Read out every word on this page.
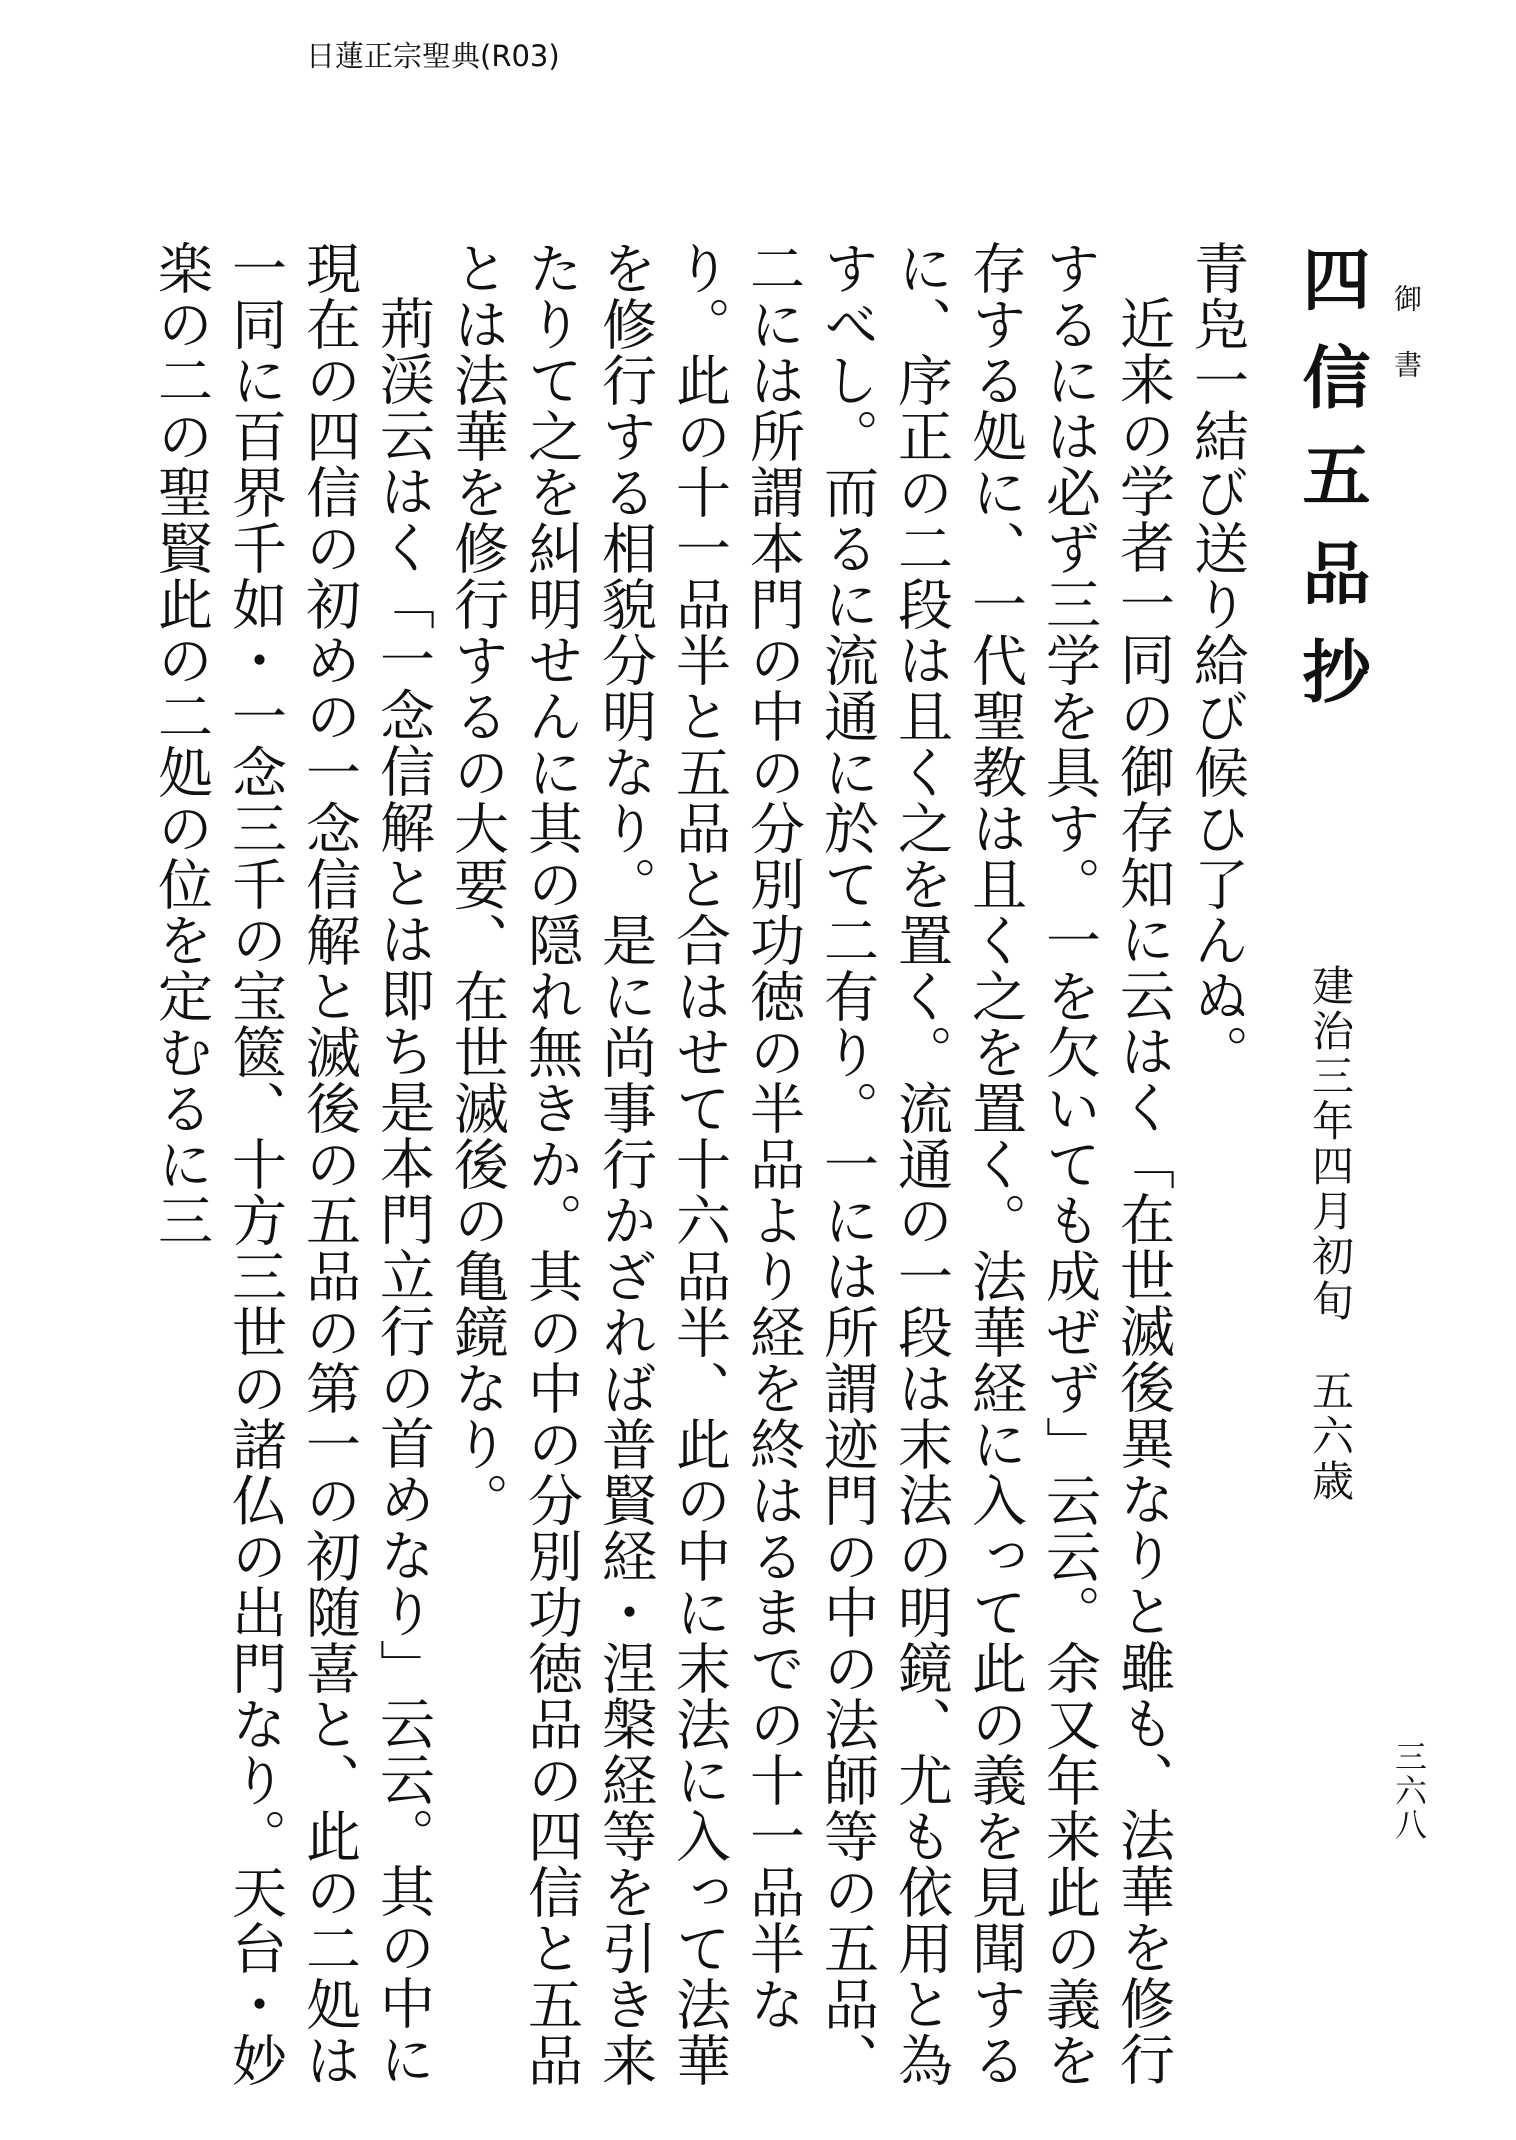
日蓮正宗聖典(R03)
御書
三六八
四信五品抄
建治三年四月初旬　五六歳

青凫一結び送り給び候ひ了んぬ。

近来の学者一同の御存知に云はく「在世滅後異なりと雖も、法華を修行するには必ず三学を具す。一を欠いても成ぜず」云云。余又年来此の義を存する処に、一代聖教は且く之を置く。法華経に入って此の義を見聞するに、序正の二段は且く之を置く。流通の一段は末法の明鏡、尤も依用と為すべし。而るに流通に於て二有り。一には所謂迹門の中の法師等の五品、二には所謂本門の中の分別功徳の半品より経を終はるまでの十一品半なり。此の十一品半と五品と合はせて十六品半、此の中に末法に入って法華を修行する相貌分明なり。是に尚事行かざれば普賢経・涅槃経等を引き来たりて之を糾明せんに其の隠れ無きか。其の中の分別功徳品の四信と五品とは法華を修行するの大要、在世滅後の亀鏡なり。

荊渓云はく「一念信解とは即ち是本門立行の首めなり」云云。其の中に現在の四信の初めの一念信解と滅後の五品の第一の初随喜と、此の二処は一同に百界千如・一念三千の宝篋、十方三世の諸仏の出門なり。天台・妙楽の二の聖賢此の二処の位を定むるに三
